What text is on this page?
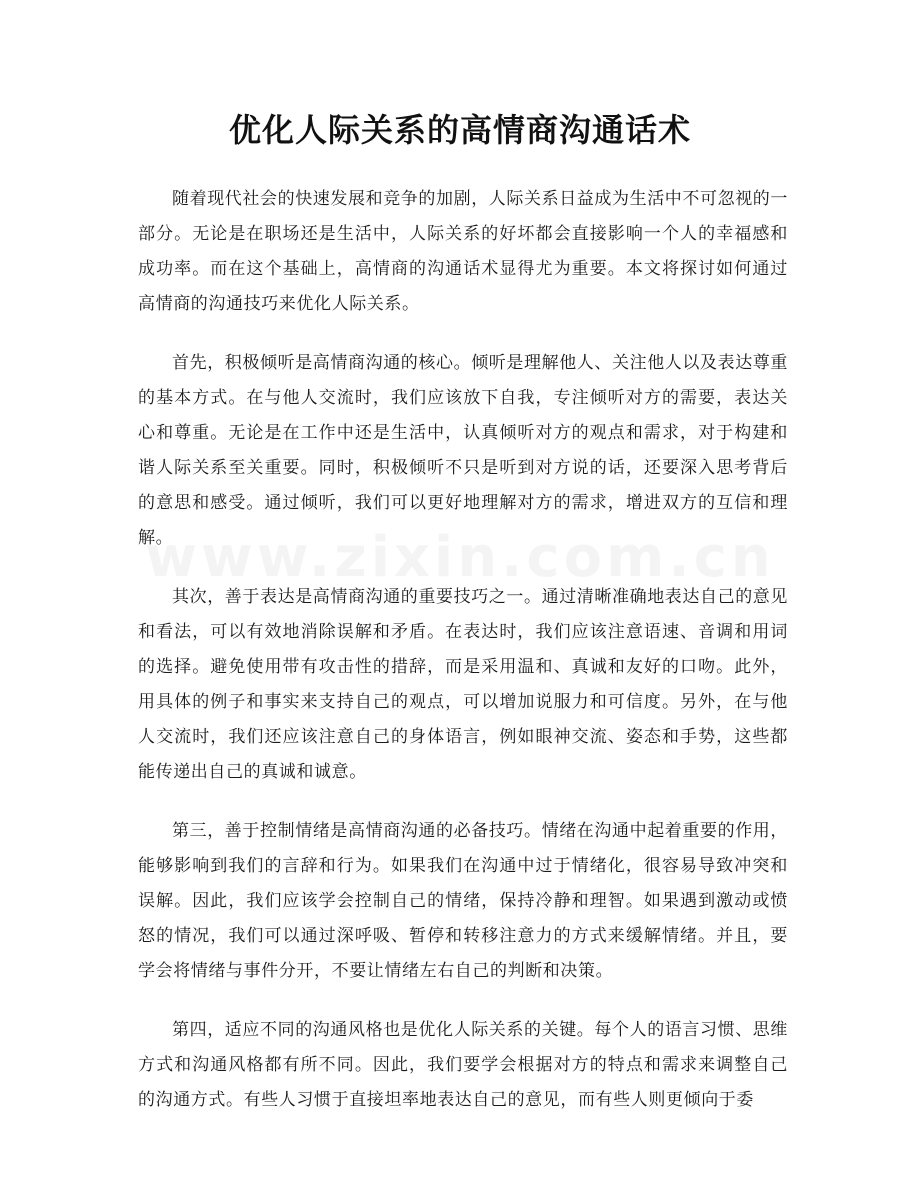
优化人际关系的高情商沟通话术

随着现代社会的快速发展和竞争的加剧，人际关系日益成为生活中不可忽视的一部分。无论是在职场还是生活中，人际关系的好坏都会直接影响一个人的幸福感和成功率。而在这个基础上，高情商的沟通话术显得尤为重要。本文将探讨如何通过高情商的沟通技巧来优化人际关系。

首先，积极倾听是高情商沟通的核心。倾听是理解他人、关注他人以及表达尊重的基本方式。在与他人交流时，我们应该放下自我，专注倾听对方的需要，表达关心和尊重。无论是在工作中还是生活中，认真倾听对方的观点和需求，对于构建和谐人际关系至关重要。同时，积极倾听不只是听到对方说的话，还要深入思考背后的意思和感受。通过倾听，我们可以更好地理解对方的需求，增进双方的互信和理解。

其次，善于表达是高情商沟通的重要技巧之一。通过清晰准确地表达自己的意见和看法，可以有效地消除误解和矛盾。在表达时，我们应该注意语速、音调和用词的选择。避免使用带有攻击性的措辞，而是采用温和、真诚和友好的口吻。此外，用具体的例子和事实来支持自己的观点，可以增加说服力和可信度。另外，在与他人交流时，我们还应该注意自己的身体语言，例如眼神交流、姿态和手势，这些都能传递出自己的真诚和诚意。

第三，善于控制情绪是高情商沟通的必备技巧。情绪在沟通中起着重要的作用，能够影响到我们的言辞和行为。如果我们在沟通中过于情绪化，很容易导致冲突和误解。因此，我们应该学会控制自己的情绪，保持冷静和理智。如果遇到激动或愤怒的情况，我们可以通过深呼吸、暂停和转移注意力的方式来缓解情绪。并且，要学会将情绪与事件分开，不要让情绪左右自己的判断和决策。

第四，适应不同的沟通风格也是优化人际关系的关键。每个人的语言习惯、思维方式和沟通风格都有所不同。因此，我们要学会根据对方的特点和需求来调整自己的沟通方式。有些人习惯于直接坦率地表达自己的意见，而有些人则更倾向于委
